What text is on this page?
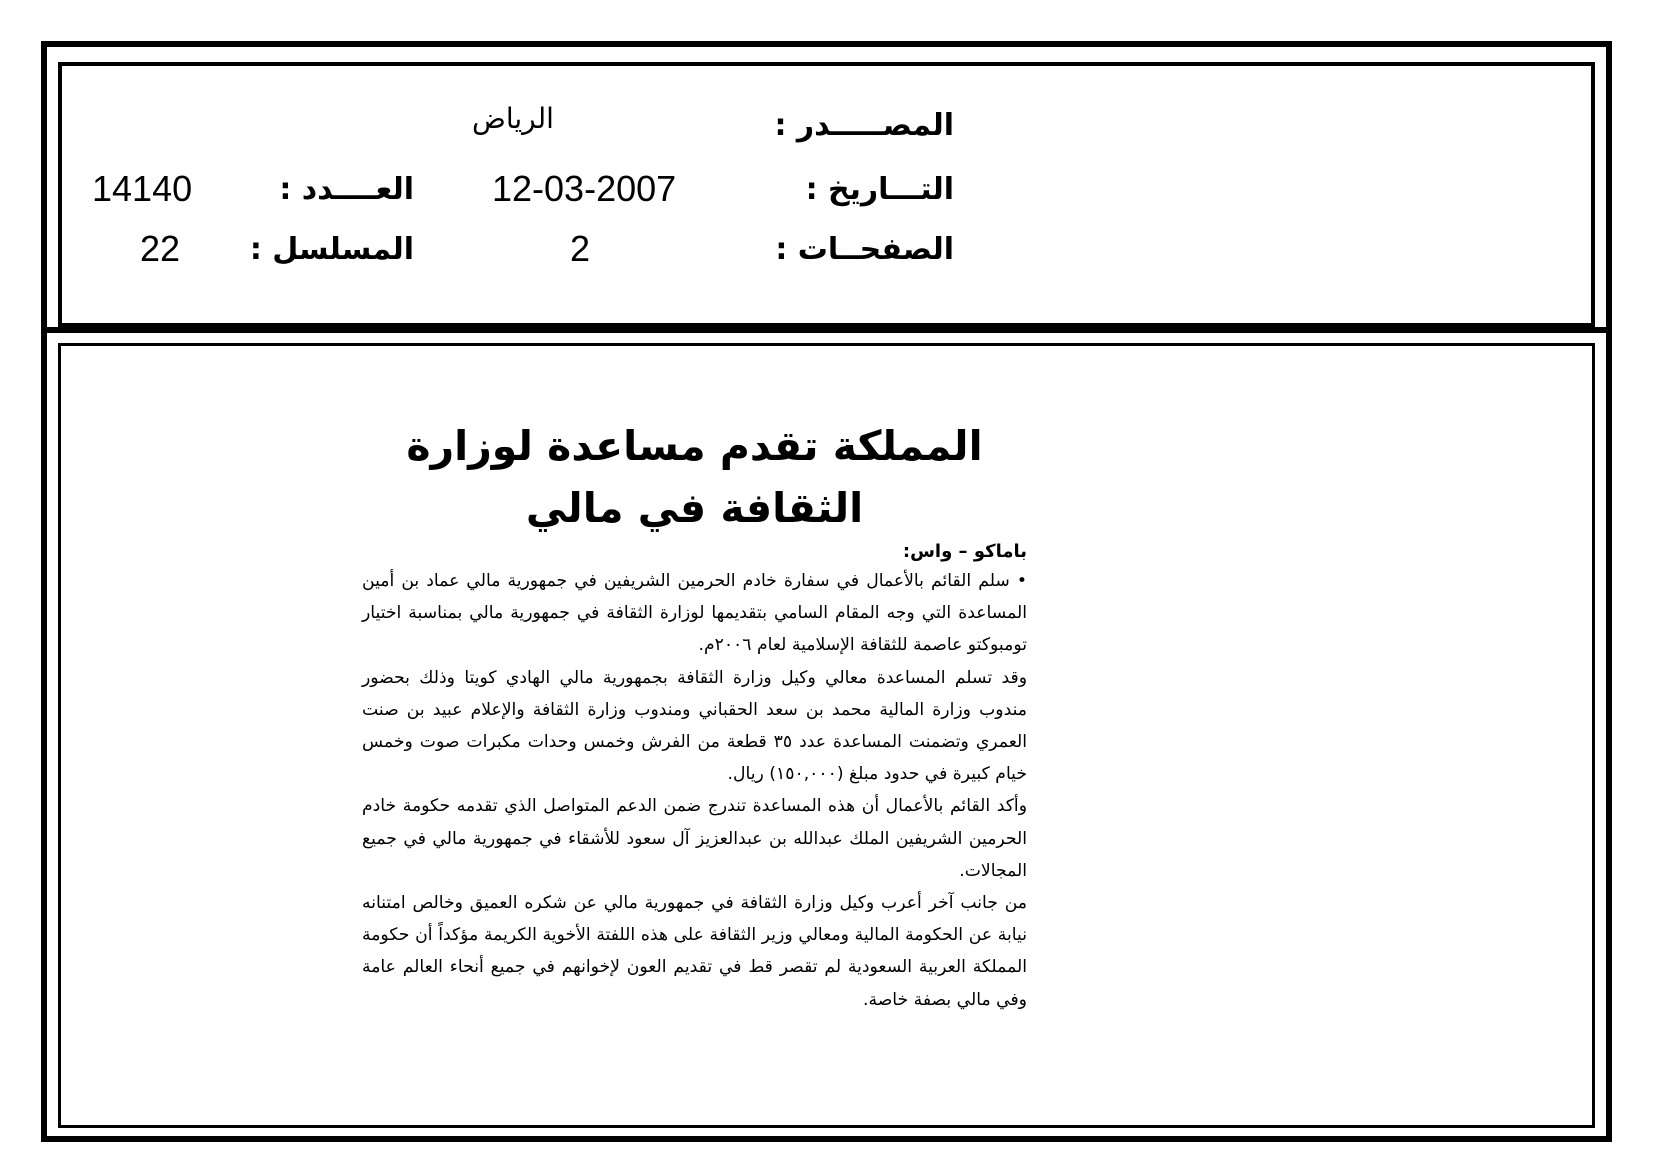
المصـــــدر :
الرياض
التـــاريخ :
12-03-2007
الصفحــات :
2
العــــدد :
14140
المسلسل :
22
المملكة تقدم مساعدة لوزارة الثقافة في مالي
باماكو – واس:

• سلم القائم بالأعمال في سفارة خادم الحرمين الشريفين في جمهورية مالي عماد بن أمين المساعدة التي وجه المقام السامي بتقديمها لوزارة الثقافة في جمهورية مالي بمناسبة اختيار تومبوكتو عاصمة للثقافة الإسلامية لعام ٢٠٠٦م.

وقد تسلم المساعدة معالي وكيل وزارة الثقافة بجمهورية مالي الهادي كويتا وذلك بحضور مندوب وزارة المالية محمد بن سعد الحقباني ومندوب وزارة الثقافة والإعلام عبيد بن صنت العمري وتضمنت المساعدة عدد ٣٥ قطعة من الفرش وخمس وحدات مكبرات صوت وخمس خيام كبيرة في حدود مبلغ (١٥٠,٠٠٠) ريال.

وأكد القائم بالأعمال أن هذه المساعدة تندرج ضمن الدعم المتواصل الذي تقدمه حكومة خادم الحرمين الشريفين الملك عبدالله بن عبدالعزيز آل سعود للأشقاء في جمهورية مالي في جميع المجالات.

من جانب آخر أعرب وكيل وزارة الثقافة في جمهورية مالي عن شكره العميق وخالص امتنانه نيابة عن الحكومة المالية ومعالي وزير الثقافة على هذه اللفتة الأخوية الكريمة مؤكداً أن حكومة المملكة العربية السعودية لم تقصر قط في تقديم العون لإخوانهم في جميع أنحاء العالم عامة وفي مالي بصفة خاصة.
